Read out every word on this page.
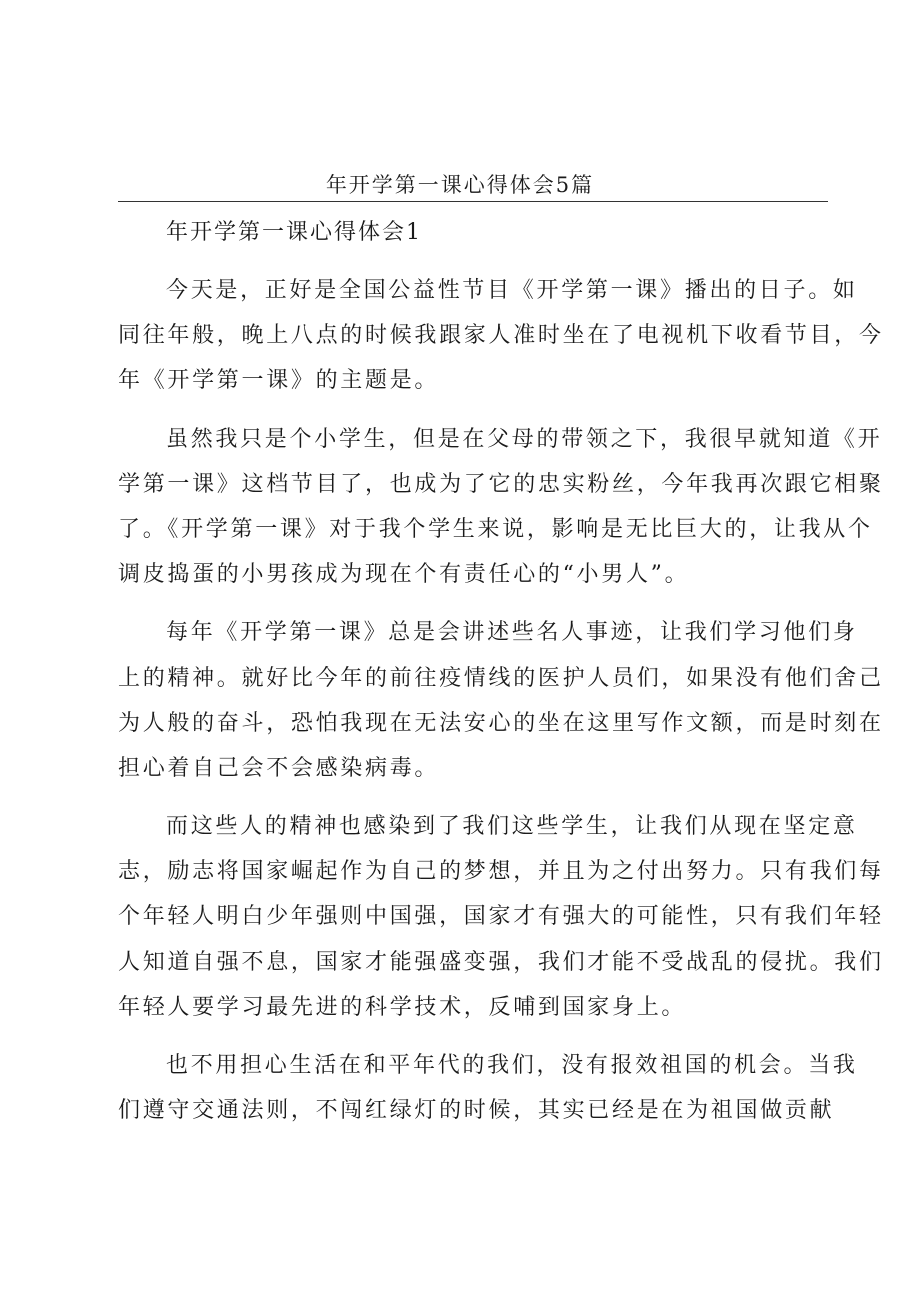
年开学第一课心得体会5篇
年开学第一课心得体会1

今天是，正好是全国公益性节目《开学第一课》播出的日子。如
同往年般，晚上八点的时候我跟家人准时坐在了电视机下收看节目，今
年《开学第一课》的主题是。

虽然我只是个小学生，但是在父母的带领之下，我很早就知道《开
学第一课》这档节目了，也成为了它的忠实粉丝，今年我再次跟它相聚
了。《开学第一课》对于我个学生来说，影响是无比巨大的，让我从个
调皮捣蛋的小男孩成为现在个有责任心的“小男人”。

每年《开学第一课》总是会讲述些名人事迹，让我们学习他们身
上的精神。就好比今年的前往疫情线的医护人员们，如果没有他们舍己
为人般的奋斗，恐怕我现在无法安心的坐在这里写作文额，而是时刻在
担心着自己会不会感染病毒。

而这些人的精神也感染到了我们这些学生，让我们从现在坚定意
志，励志将国家崛起作为自己的梦想，并且为之付出努力。只有我们每
个年轻人明白少年强则中国强，国家才有强大的可能性，只有我们年轻
人知道自强不息，国家才能强盛变强，我们才能不受战乱的侵扰。我们
年轻人要学习最先进的科学技术，反哺到国家身上。

也不用担心生活在和平年代的我们，没有报效祖国的机会。当我
们遵守交通法则，不闯红绿灯的时候，其实已经是在为祖国做贡献
